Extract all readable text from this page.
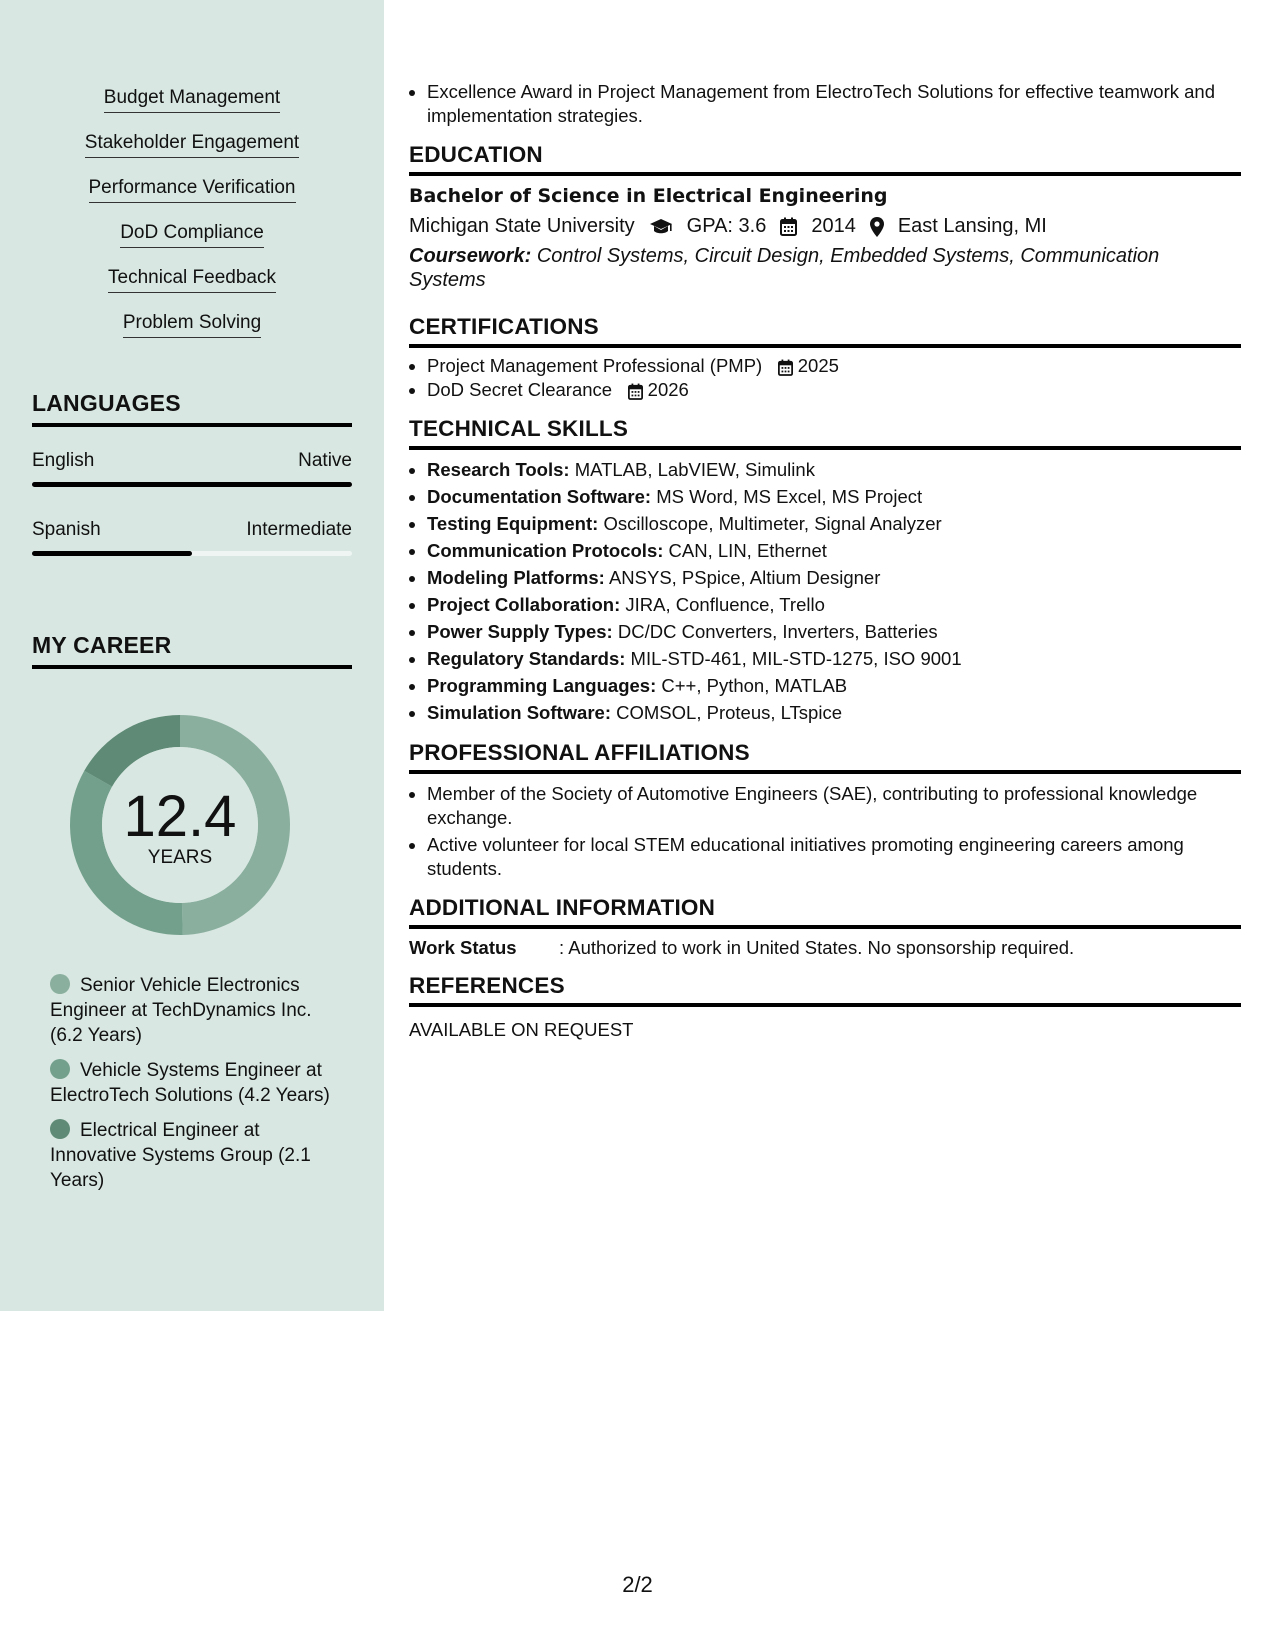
Budget Management
Stakeholder Engagement
Performance Verification
DoD Compliance
Technical Feedback
Problem Solving
LANGUAGES
English	Native
Spanish	Intermediate
MY CAREER
12.4
YEARS
Senior Vehicle Electronics Engineer at TechDynamics Inc. (6.2 Years)
Vehicle Systems Engineer at ElectroTech Solutions (4.2 Years)
Electrical Engineer at Innovative Systems Group (2.1 Years)
• Excellence Award in Project Management from ElectroTech Solutions for effective teamwork and implementation strategies.
EDUCATION
Bachelor of Science in Electrical Engineering
Michigan State University	GPA: 3.6 2014 East Lansing, MI
Coursework: Control Systems, Circuit Design, Embedded Systems, Communication Systems
CERTIFICATIONS
• Project Management Professional (PMP) 2025
• DoD Secret Clearance 2026
TECHNICAL SKILLS
• Research Tools: MATLAB, LabVIEW, Simulink
• Documentation Software: MS Word, MS Excel, MS Project
• Testing Equipment: Oscilloscope, Multimeter, Signal Analyzer
• Communication Protocols: CAN, LIN, Ethernet
• Modeling Platforms: ANSYS, PSpice, Altium Designer
• Project Collaboration: JIRA, Confluence, Trello
• Power Supply Types: DC/DC Converters, Inverters, Batteries
• Regulatory Standards: MIL-STD-461, MIL-STD-1275, ISO 9001
• Programming Languages: C++, Python, MATLAB
• Simulation Software: COMSOL, Proteus, LTspice
PROFESSIONAL AFFILIATIONS
• Member of the Society of Automotive Engineers (SAE), contributing to professional knowledge exchange.
• Active volunteer for local STEM educational initiatives promoting engineering careers among students.
ADDITIONAL INFORMATION
Work Status	: Authorized to work in United States. No sponsorship required.
REFERENCES
AVAILABLE ON REQUEST
2/2
